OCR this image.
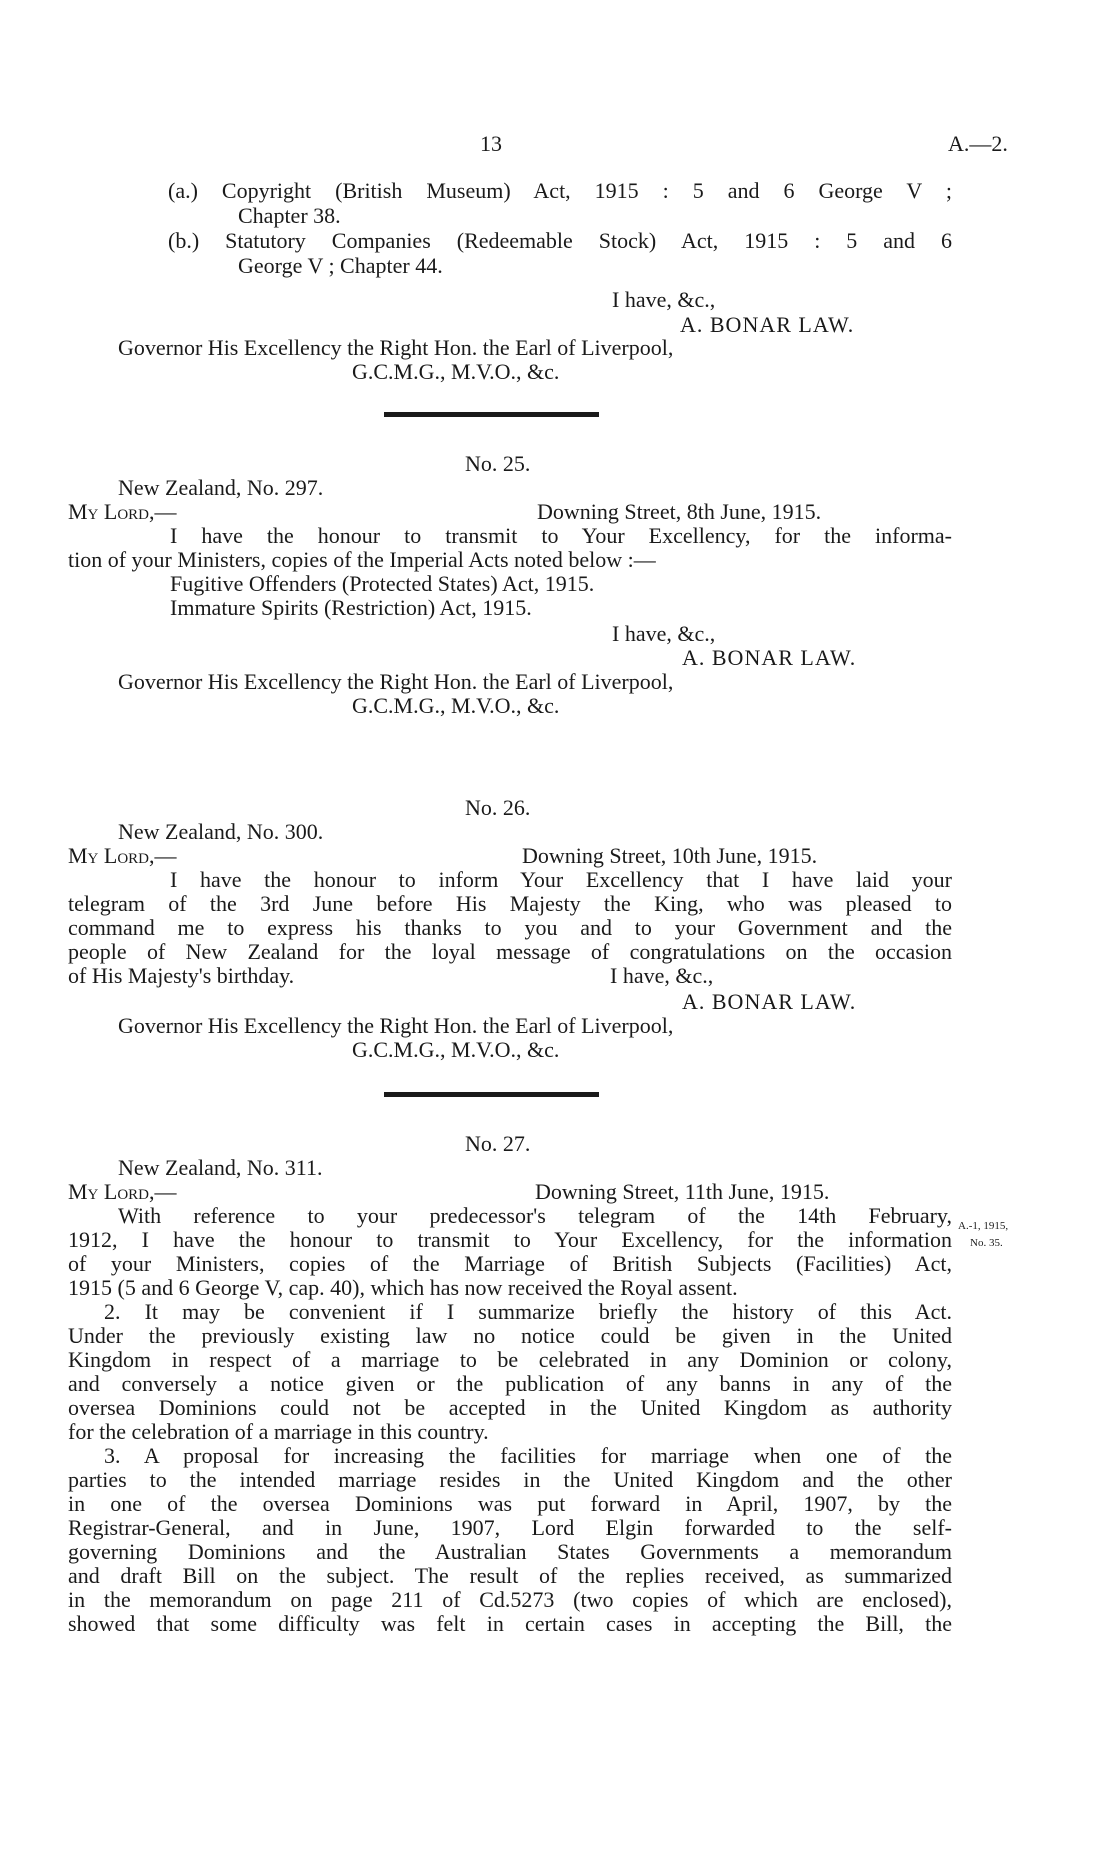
13	A.—2.
(a.) Copyright (British Museum) Act, 1915 : 5 and 6 George V ;
Chapter 38.
(b.) Statutory Companies (Redeemable Stock) Act, 1915 : 5 and 6
George V ; Chapter 44.
I have, &c.,
A. BONAR LAW.
Governor His Excellency the Right Hon. the Earl of Liverpool,
G.C.M.G., M.V.O., &c.
No. 25.
New Zealand, No. 297.
My Lord,—	Downing Street, 8th June, 1915.
I have the honour to transmit to Your Excellency, for the informa-
tion of your Ministers, copies of the Imperial Acts noted below :—
Fugitive Offenders (Protected States) Act, 1915.
Immature Spirits (Restriction) Act, 1915.
I have, &c.,
A. BONAR LAW.
Governor His Excellency the Right Hon. the Earl of Liverpool,
G.C.M.G., M.V.O., &c.
No. 26.
New Zealand, No. 300.
My Lord,—	Downing Street, 10th June, 1915.
I have the honour to inform Your Excellency that I have laid your
telegram of the 3rd June before His Majesty the King, who was pleased to
command me to express his thanks to you and to your Government and the
people of New Zealand for the loyal message of congratulations on the occasion
of His Majesty's birthday.	I have, &c.,
A. BONAR LAW.
Governor His Excellency the Right Hon. the Earl of Liverpool,
G.C.M.G., M.V.O., &c.
No. 27.
New Zealand, No. 311.
My Lord,—	Downing Street, 11th June, 1915.
A.-1, 1915,
No. 35.
With reference to your predecessor's telegram of the 14th February,
1912, I have the honour to transmit to Your Excellency, for the information
of your Ministers, copies of the Marriage of British Subjects (Facilities) Act,
1915 (5 and 6 George V, cap. 40), which has now received the Royal assent.
2. It may be convenient if I summarize briefly the history of this Act.
Under the previously existing law no notice could be given in the United
Kingdom in respect of a marriage to be celebrated in any Dominion or colony,
and conversely a notice given or the publication of any banns in any of the
oversea Dominions could not be accepted in the United Kingdom as authority
for the celebration of a marriage in this country.
3. A proposal for increasing the facilities for marriage when one of the
parties to the intended marriage resides in the United Kingdom and the other
in one of the oversea Dominions was put forward in April, 1907, by the
Registrar-General, and in June, 1907, Lord Elgin forwarded to the self-
governing Dominions and the Australian States Governments a memorandum
and draft Bill on the subject. The result of the replies received, as summarized
in the memorandum on page 211 of Cd.5273 (two copies of which are enclosed),
showed that some difficulty was felt in certain cases in accepting the Bill, the
